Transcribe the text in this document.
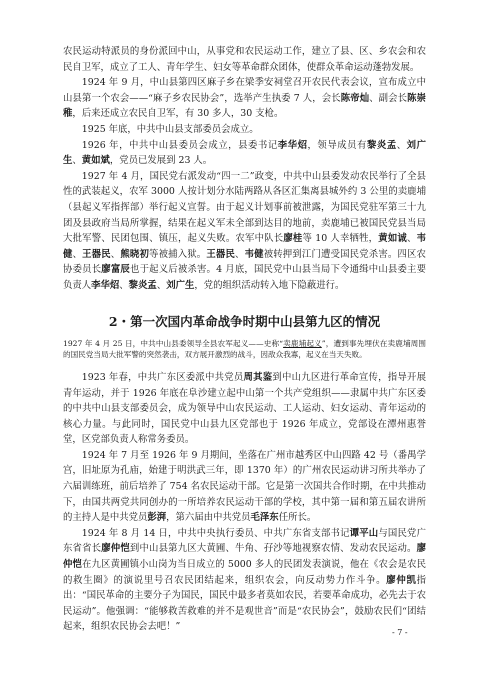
农民运动特派员的身份派回中山，从事党和农民运动工作，建立了县、区、乡农会和农民自卫军，成立了工人、青年学生、妇女等革命群众团体，使群众革命运动蓬勃发展。

1924 年 9 月，中山县第四区麻子乡在梁季安祠堂召开农民代表会议，宣布成立中山县第一个农会——“麻子乡农民协会”，选举产生执委 7 人，会长陈帝灿、副会长陈崇稚，后来还成立农民自卫军，有 30 多人，30 支枪。

1925 年底，中共中山县支部委员会成立。

1926 年，中共中山县委员会成立，县委书记李华炤，领导成员有黎炎孟、刘广生、黄如斌，党员已发展到 23 人。

1927 年 4 月，国民党右派发动“四一二”政变，中共中山县委发动农民举行了全县性的武装起义，农军 3000 人按计划分水陆两路从各区汇集离县城外约 3 公里的卖鹿埔（县起义军指挥部）举行起义宣誓。由于起义计划事前被泄露，为国民党驻军第三十九团及县政府当局所掌握，结果在起义军未全部到达目的地前，卖鹿埔已被国民党县当局大批军警、民团包围、镇压，起义失败。农军中队长廖桂等 10 人幸牺牲，黄如诚、韦健、王器民、熊晓初等被捕入狱。王器民、韦健被转押到江门遭受国民党杀害。四区农协委员长廖富辰也于起义后被杀害。4 月底，国民党中山县当局下令通缉中山县委主要负责人李华炤、黎炎孟、刘广生，党的组织活动转入地下隐蔽进行。

2・第一次国内革命战争时期中山县第九区的情况

1927 年 4 月 25 日，中共中山县委领导全县农军起义——史称“卖鹿埔起义”，遭到事先埋伏在卖鹿埔周围的国民党当局大批军警的突然袭击，双方展开激烈的战斗，因敌众我寡，起义在当天失败。

1923 年春，中共广东区委派中共党员周其鉴到中山九区进行革命宣传，指导开展青年运动，并于 1926 年底在阜沙建立起中山第一个共产党组织——隶属中共广东区委的中共中山县支部委员会，成为领导中山农民运动、工人运动、妇女运动、青年运动的核心力量。与此同时，国民党中山县九区党部也于 1926 年成立，党部设在潭州惠誉堂，区党部负责人称常务委员。

1924 年 7 月至 1926 年 9 月期间，坐落在广州市越秀区中山四路 42 号（番禺学宫，旧址原为孔庙，始建于明洪武三年，即 1370 年）的广州农民运动讲习所共举办了六届训练班，前后培养了 754 名农民运动干部。它是第一次国共合作时期，在中共推动下，由国共两党共同创办的一所培养农民运动干部的学校，其中第一届和第五届农讲所的主持人是中共党员彭湃，第六届由中共党员毛泽东任所长。

1924 年 8 月 14 日，中共中央执行委员、中共广东省支部书记谭平山与国民党广东省省长廖仲恺到中山县第九区大黄圃、牛角、孖沙等地视察农情、发动农民运动。廖仲恺在九区黄圃镇小山岗为当日成立的 5000 多人的民团发表演说，他在《农会是农民的救生圈》的演说里号召农民团结起来，组织农会，向反动势力作斗争。廖仲凯指出：“国民革命的主要分子为国民，国民中最多者莫如农民，若要革命成功，必先去于农民运动”。他强调：“能够救苦救难的并不是观世音”而是“农民协会”，鼓励农民们“团结起来，组织农民协会去吧！”

- 7 -
